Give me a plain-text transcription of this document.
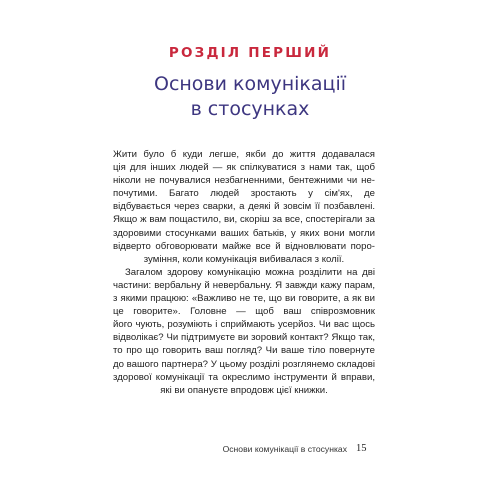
РОЗДІЛ ПЕРШИЙ
Основи комунікації
в стосунках
Жити було б куди легше, якби до життя додавалася
ція для інших людей — як спілкуватися з нами так, щоб
ніколи не почувалися незбагненними, бентежними чи не-
почутими. Багато людей зростають у сім'ях, де
відбувається через сварки, а деякі й зовсім її позбавлені.
Якщо ж вам пощастило, ви, скоріш за все, спостерігали за
здоровими стосунками ваших батьків, у яких вони могли
відверто обговорювати майже все й відновлювати порo-
зуміння, коли комунікація вибивалася з колії.
Загалом здорову комунікацію можна розділити на дві
частини: вербальну й невербальну. Я завжди кажу парам,
з якими працюю: «Важливо не те, що ви говорите, а як ви
це говорите». Головне — щоб ваш співрозмовник
його чують, розуміють і сприймають усерйоз. Чи вас щось
відволікає? Чи підтримуєте ви зоровий контакт? Якщо так,
то про що говорить ваш погляд? Чи ваше тіло повернуте
до вашого партнера? У цьому розділі розглянемо складові
здорової комунікації та окреслимо інструменти й вправи,
які ви опануєте впродовж цієї книжки.
Основи комунікації в стосунках 15
